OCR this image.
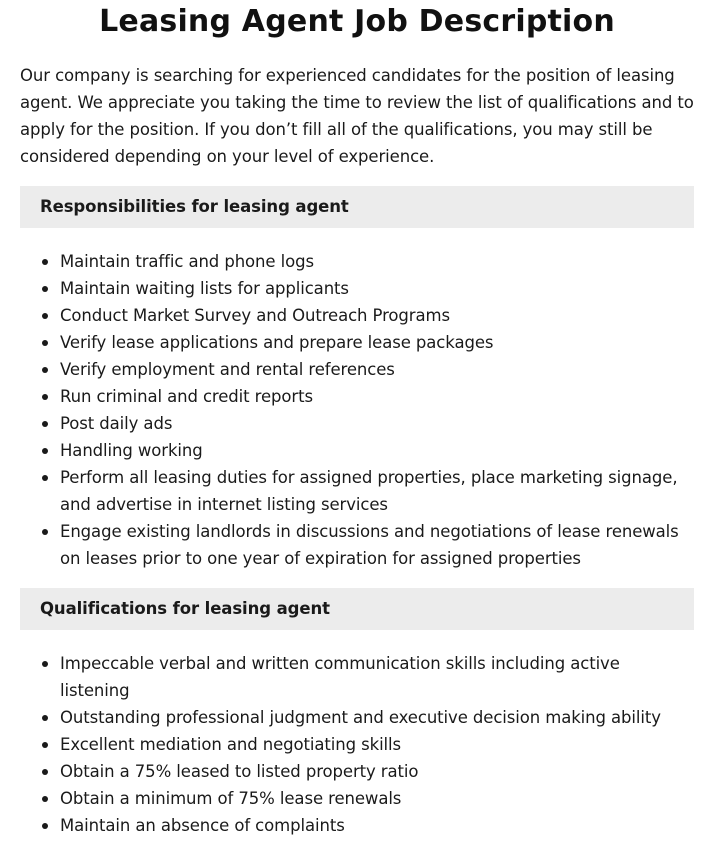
Leasing Agent Job Description

Our company is searching for experienced candidates for the position of leasing agent. We appreciate you taking the time to review the list of qualifications and to apply for the position. If you don’t fill all of the qualifications, you may still be considered depending on your level of experience.

Responsibilities for leasing agent
Maintain traffic and phone logs
Maintain waiting lists for applicants
Conduct Market Survey and Outreach Programs
Verify lease applications and prepare lease packages
Verify employment and rental references
Run criminal and credit reports
Post daily ads
Handling working
Perform all leasing duties for assigned properties, place marketing signage, and advertise in internet listing services
Engage existing landlords in discussions and negotiations of lease renewals on leases prior to one year of expiration for assigned properties
Qualifications for leasing agent
Impeccable verbal and written communication skills including active listening
Outstanding professional judgment and executive decision making ability
Excellent mediation and negotiating skills
Obtain a 75% leased to listed property ratio
Obtain a minimum of 75% lease renewals
Maintain an absence of complaints
